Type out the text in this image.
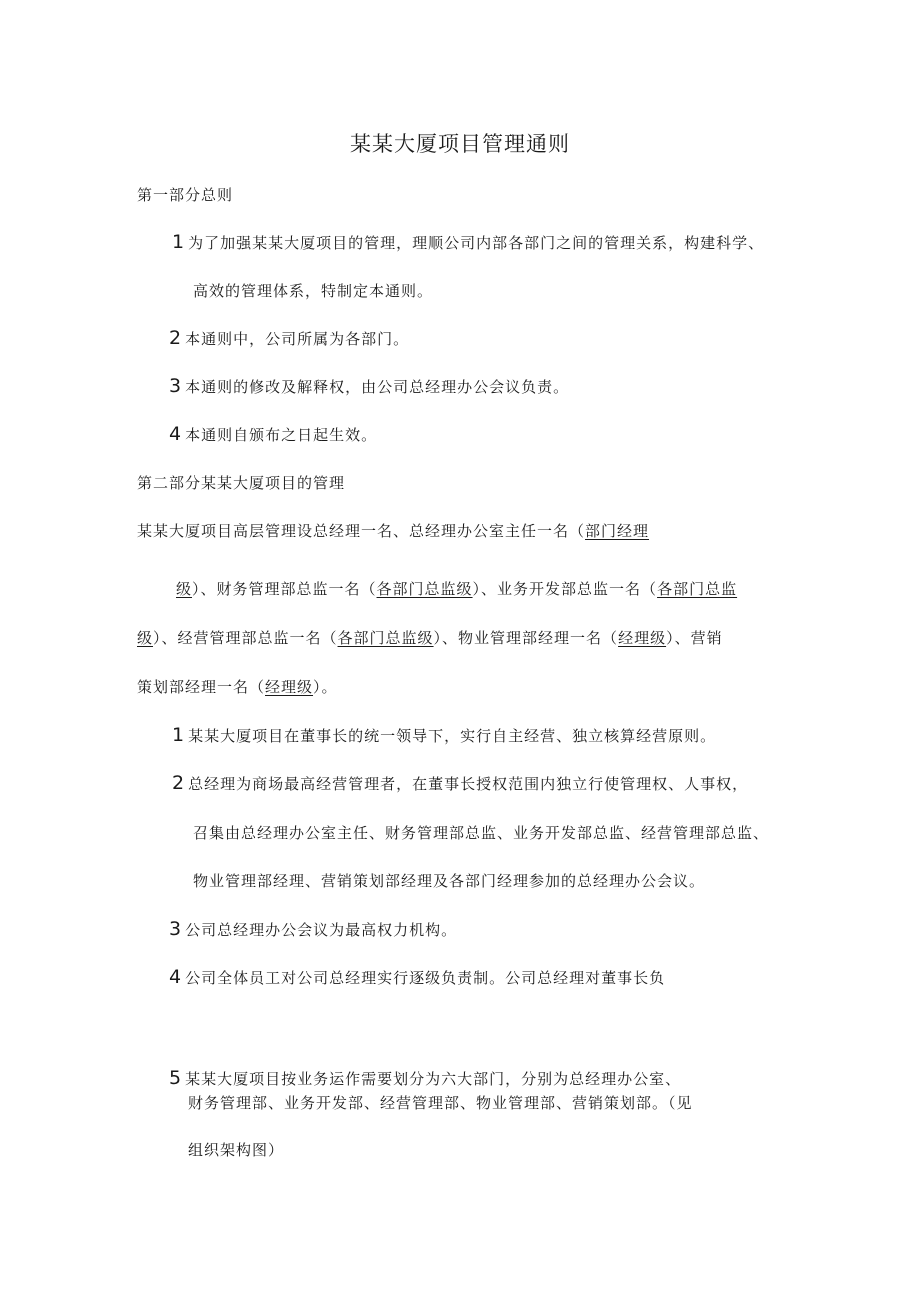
某某大厦项目管理通则
第一部分总则
1 为了加强某某大厦项目的管理，理顺公司内部各部门之间的管理关系，构建科学、
高效的管理体系，特制定本通则。
2 本通则中，公司所属为各部门。
3 本通则的修改及解释权，由公司总经理办公会议负责。
4 本通则自颁布之日起生效。
第二部分某某大厦项目的管理
某某大厦项目高层管理设总经理一名、总经理办公室主任一名（部门经理
级）、财务管理部总监一名（各部门总监级）、业务开发部总监一名（各部门总监
级）、经营管理部总监一名（各部门总监级）、物业管理部经理一名（经理级）、营销
策划部经理一名（经理级）。
1 某某大厦项目在董事长的统一领导下，实行自主经营、独立核算经营原则。
2 总经理为商场最高经营管理者，在董事长授权范围内独立行使管理权、人事权，
召集由总经理办公室主任、财务管理部总监、业务开发部总监、经营管理部总监、
物业管理部经理、营销策划部经理及各部门经理参加的总经理办公会议。
3 公司总经理办公会议为最高权力机构。
4 公司全体员工对公司总经理实行逐级负责制。公司总经理对董事长负
5 某某大厦项目按业务运作需要划分为六大部门，分别为总经理办公室、
财务管理部、业务开发部、经营管理部、物业管理部、营销策划部。（见
组织架构图）
